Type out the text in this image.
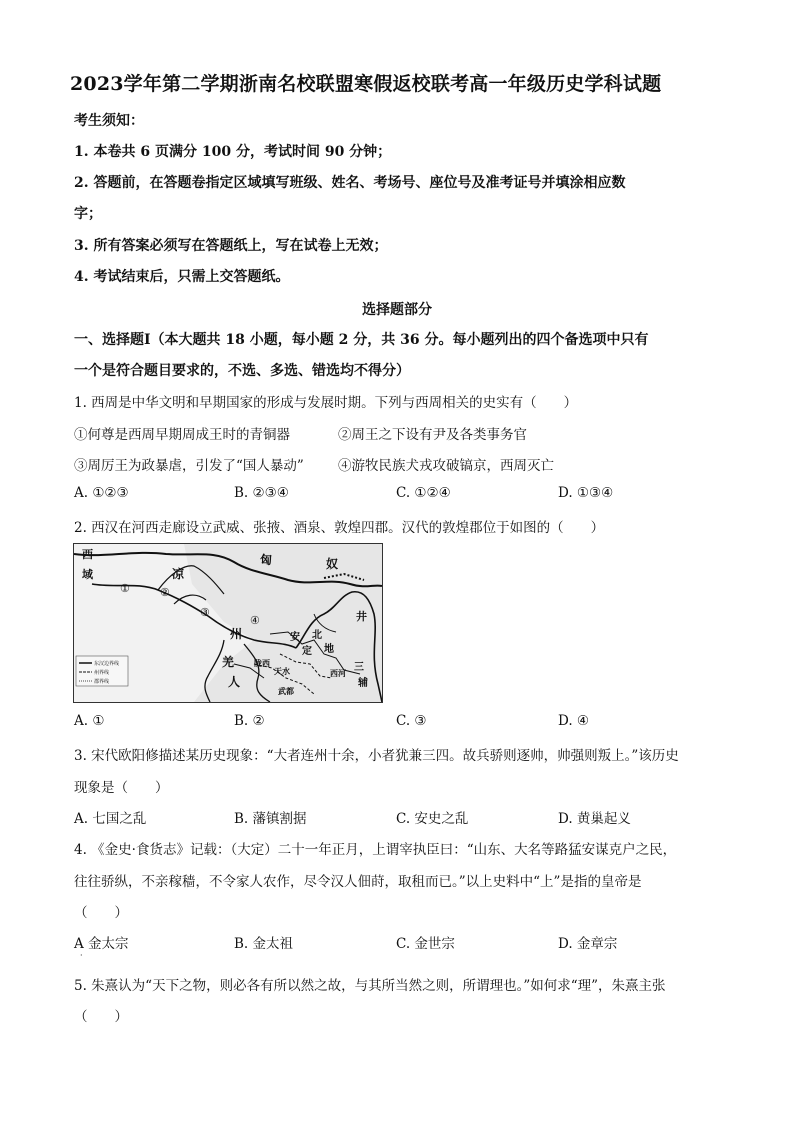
2023学年第二学期浙南名校联盟寒假返校联考高一年级历史学科试题
考生须知：
1. 本卷共 6 页满分 100 分，考试时间 90 分钟；
2. 答题前，在答题卷指定区域填写班级、姓名、考场号、座位号及准考证号并填涂相应数
字；
3. 所有答案必须写在答题纸上，写在试卷上无效；
4. 考试结束后，只需上交答题纸。
选择题部分
一、选择题Ⅰ（本大题共 18 小题，每小题 2 分，共 36 分。每小题列出的四个备选项中只有
一个是符合题目要求的，不选、多选、错选均不得分）
1. 西周是中华文明和早期国家的形成与发展时期。下列与西周相关的史实有（　　）
①何尊是西周早期周成王时的青铜器	②周王之下设有尹及各类事务官
③周厉王为政暴虐，引发了“国人暴动”	④游牧民族犬戎攻破镐京，西周灭亡
A. ①②③	B. ②③④	C. ①②④	D. ①③④
2. 西汉在河西走廊设立武威、张掖、酒泉、敦煌四郡。汉代的敦煌郡位于如图的（　　）
东汉边界线
州界线
郡界线
西
域	凉
匈	奴
州	安
定
北
地
井
羌
人
陇西
天水
武都
西河 三
辅
①	②
③
④
A. ①	B. ②	C. ③	D. ④
3. 宋代欧阳修描述某历史现象：“大者连州十余，小者犹兼三四。故兵骄则逐帅，帅强则叛上。”该历史
现象是（　　）
A. 七国之乱	B. 藩镇割据	C. 安史之乱	D. 黄巢起义
4. 《金史·食货志》记载：（大定）二十一年正月，上谓宰执臣曰：“山东、大名等路猛安谋克户之民，
往往骄纵，不亲稼穑，不令家人农作，尽令汉人佃莳，取租而已。”以上史料中“上”是指的皇帝是
（　　）
A 金太宗	B. 金太祖	C. 金世宗	D. 金章宗
·
5. 朱熹认为“天下之物，则必各有所以然之故，与其所当然之则，所谓理也。”如何求“理”，朱熹主张
（　　）
